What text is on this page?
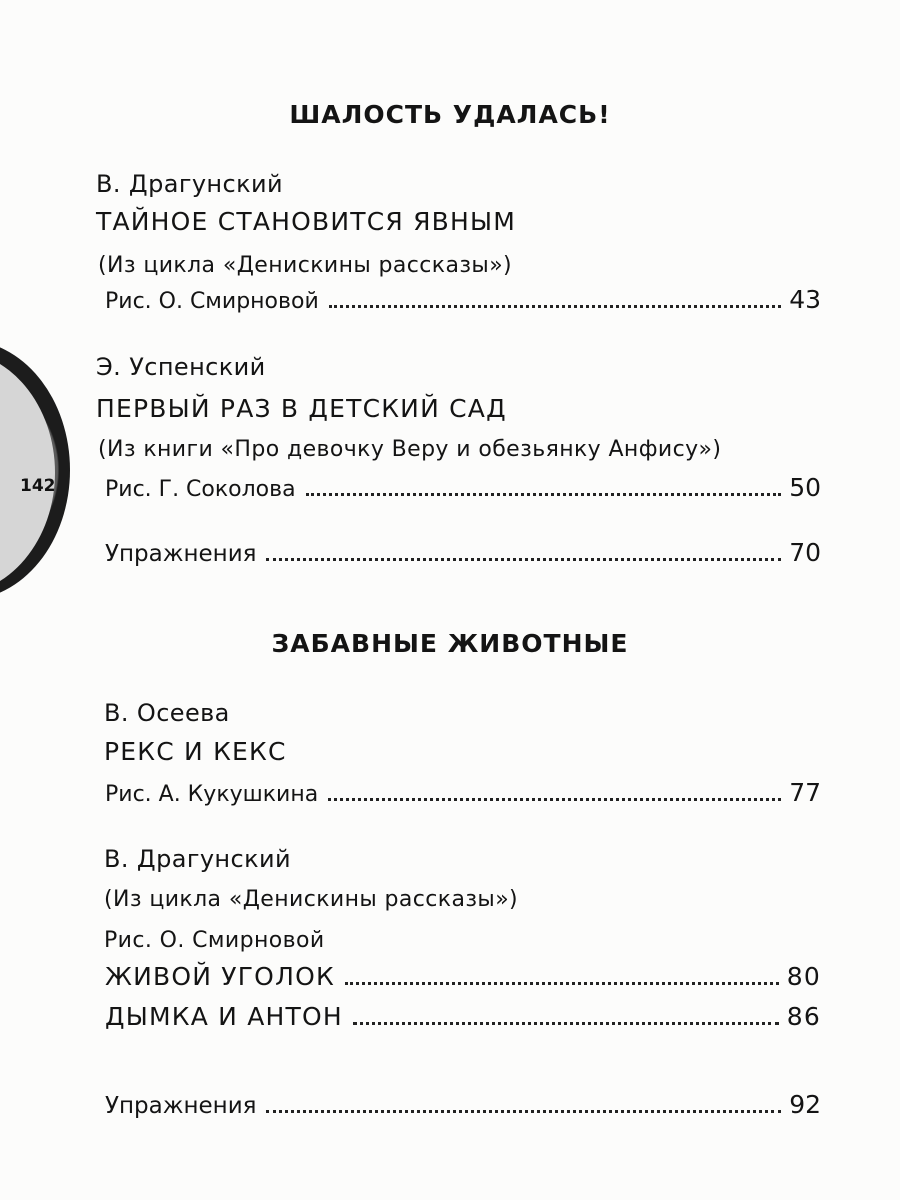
142
ШАЛОСТЬ УДАЛАСЬ!
В. Драгунский
ТАЙНОЕ СТАНОВИТСЯ ЯВНЫМ
(Из цикла «Денискины рассказы»)
Рис. О. Смирновой	43
Э. Успенский
ПЕРВЫЙ РАЗ В ДЕТСКИЙ САД
(Из книги «Про девочку Веру и обезьянку Анфису»)
Рис. Г. Соколова	50
Упражнения	70
ЗАБАВНЫЕ ЖИВОТНЫЕ
В. Осеева
РЕКС И КЕКС
Рис. А. Кукушкина	77
В. Драгунский
(Из цикла «Денискины рассказы»)
Рис. О. Смирновой
ЖИВОЙ УГОЛОК	80
ДЫМКА И АНТОН	86
Упражнения	92
